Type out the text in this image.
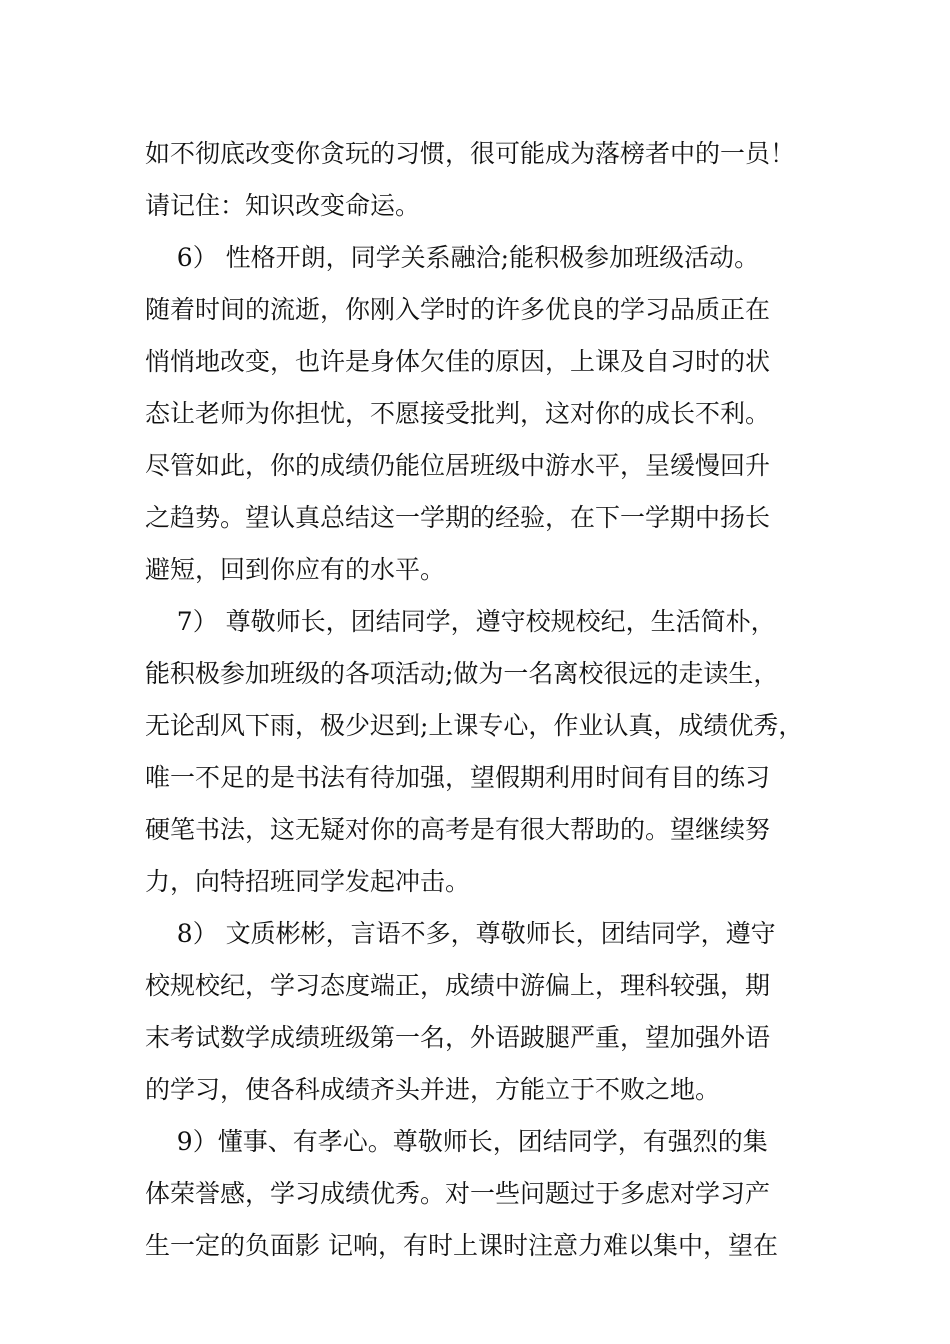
如不彻底改变你贪玩的习惯，很可能成为落榜者中的一员！
请记住：知识改变命运。
6） 性格开朗，同学关系融洽;能积极参加班级活动。
随着时间的流逝，你刚入学时的许多优良的学习品质正在
悄悄地改变，也许是身体欠佳的原因，上课及自习时的状
态让老师为你担忧，不愿接受批判，这对你的成长不利。
尽管如此，你的成绩仍能位居班级中游水平，呈缓慢回升
之趋势。望认真总结这一学期的经验，在下一学期中扬长
避短，回到你应有的水平。
7） 尊敬师长，团结同学，遵守校规校纪，生活简朴，
能积极参加班级的各项活动;做为一名离校很远的走读生，
无论刮风下雨，极少迟到;上课专心，作业认真，成绩优秀，
唯一不足的是书法有待加强，望假期利用时间有目的练习
硬笔书法，这无疑对你的高考是有很大帮助的。望继续努
力，向特招班同学发起冲击。
8） 文质彬彬，言语不多，尊敬师长，团结同学，遵守
校规校纪，学习态度端正，成绩中游偏上，理科较强，期
末考试数学成绩班级第一名，外语跛腿严重，望加强外语
的学习，使各科成绩齐头并进，方能立于不败之地。
9）懂事、有孝心。尊敬师长，团结同学，有强烈的集
体荣誉感，学习成绩优秀。对一些问题过于多虑对学习产
生一定的负面影 记响，有时上课时注意力难以集中，望在
